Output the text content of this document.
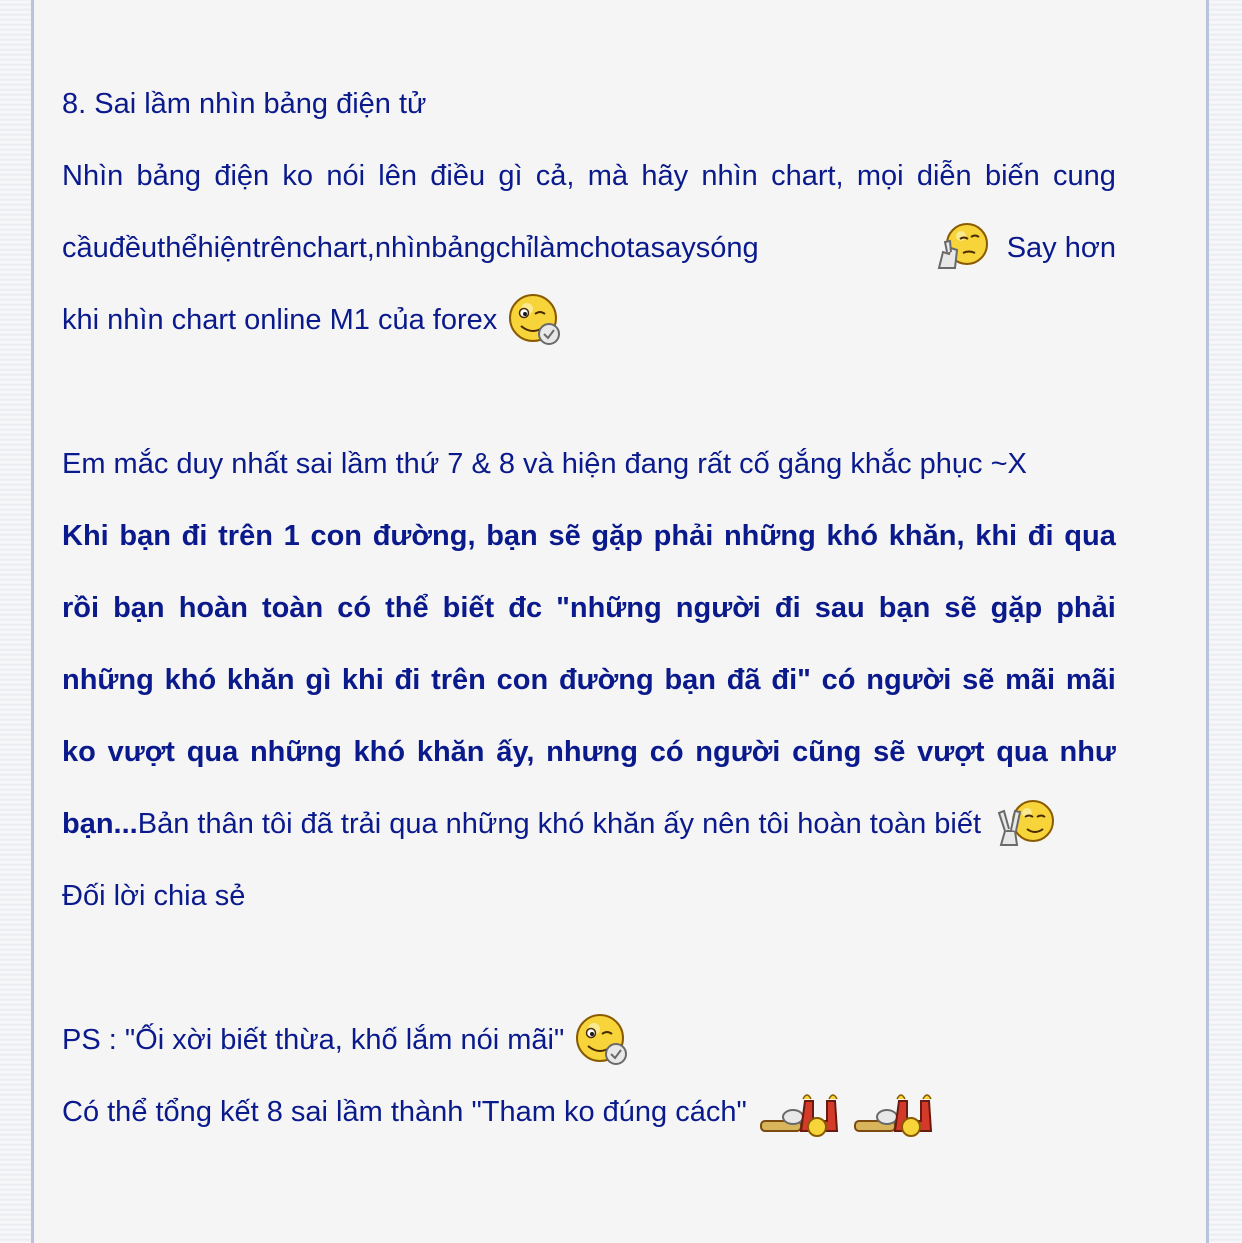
8. Sai lầm nhìn bảng điện tử
Nhìn bảng điện ko nói lên điều gì cả, mà hãy nhìn chart, mọi diễn biến cung
cầuđềuthểhiệntrênchart,nhìnbảngchỉlàmchotasaysóng	Say hơn
khi nhìn chart online M1 của forex
Em mắc duy nhất sai lầm thứ 7 & 8 và hiện đang rất cố gắng khắc phục ~X
Khi bạn đi trên 1 con đường, bạn sẽ gặp phải những khó khăn, khi đi qua
rồi bạn hoàn toàn có thể biết đc "những người đi sau bạn sẽ gặp phải
những khó khăn gì khi đi trên con đường bạn đã đi" có người sẽ mãi mãi
ko vượt qua những khó khăn ấy, nhưng có người cũng sẽ vượt qua như
bạn... Bản thân tôi đã trải qua những khó khăn ấy nên tôi hoàn toàn biết
Đối lời chia sẻ
PS : "Ối xời biết thừa, khố lắm nói mãi"
Có thể tổng kết 8 sai lầm thành "Tham ko đúng cách"
